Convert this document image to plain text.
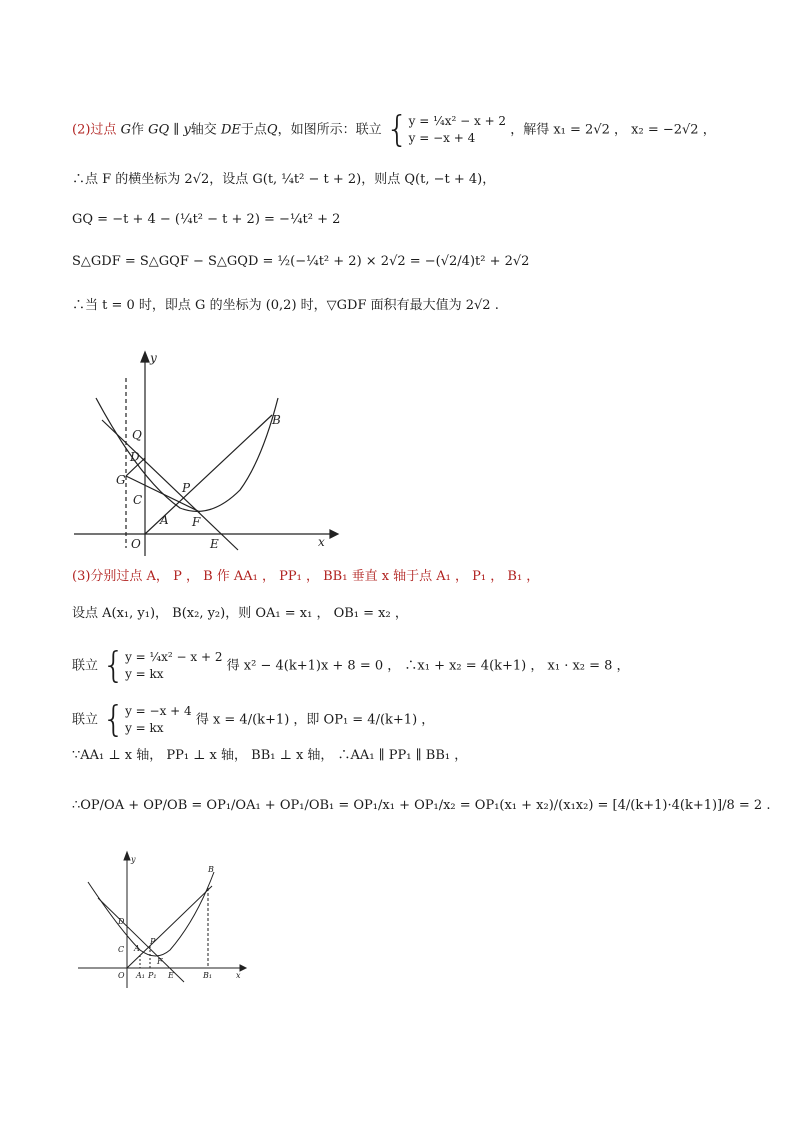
(2)过点 G作 GQ ∥ y轴交 DE于点Q，如图所示：联立 { y = ¼x² − x + 2
y = −x + 4
，解得 x₁ = 2√2 ， x₂ = −2√2 ，
∴点 F 的横坐标为 2√2，设点 G(t, ¼t² − t + 2)，则点 Q(t, −t + 4)，
GQ = −t + 4 − (¼t² − t + 2) = −¼t² + 2
S△GDF = S△GQF − S△GQD = ½(−¼t² + 2) × 2√2 = −(√2/4)t² + 2√2
∴当 t = 0 时，即点 G 的坐标为 (0,2) 时，▽GDF 面积有最大值为 2√2 .
y
x
O
Q
D
G
C
P
A F
E
B
(3)分别过点 A， P ， B 作 AA₁ ， PP₁ ， BB₁ 垂直 x 轴于点 A₁ ， P₁ ， B₁ ，
设点 A(x₁, y₁)， B(x₂, y₂)，则 OA₁ = x₁ ， OB₁ = x₂ ，
联立 { y = ¼x² − x + 2
y = kx
得 x² − 4(k+1)x + 8 = 0 ， ∴x₁ + x₂ = 4(k+1) ， x₁ · x₂ = 8 ，
联立 { y = −x + 4
y = kx
得 x = 4/(k+1) ，即 OP₁ = 4/(k+1) ，
∵AA₁ ⊥ x 轴， PP₁ ⊥ x 轴， BB₁ ⊥ x 轴， ∴AA₁ ∥ PP₁ ∥ BB₁ ，
∴OP/OA + OP/OB = OP₁/OA₁ + OP₁/OB₁ = OP₁/x₁ + OP₁/x₂ = OP₁(x₁ + x₂)/(x₁x₂) = [4/(k+1)·4(k+1)]/8 = 2 .
y
x
O
D
C A
P
F
E
B
A₁ P₁	B₁
